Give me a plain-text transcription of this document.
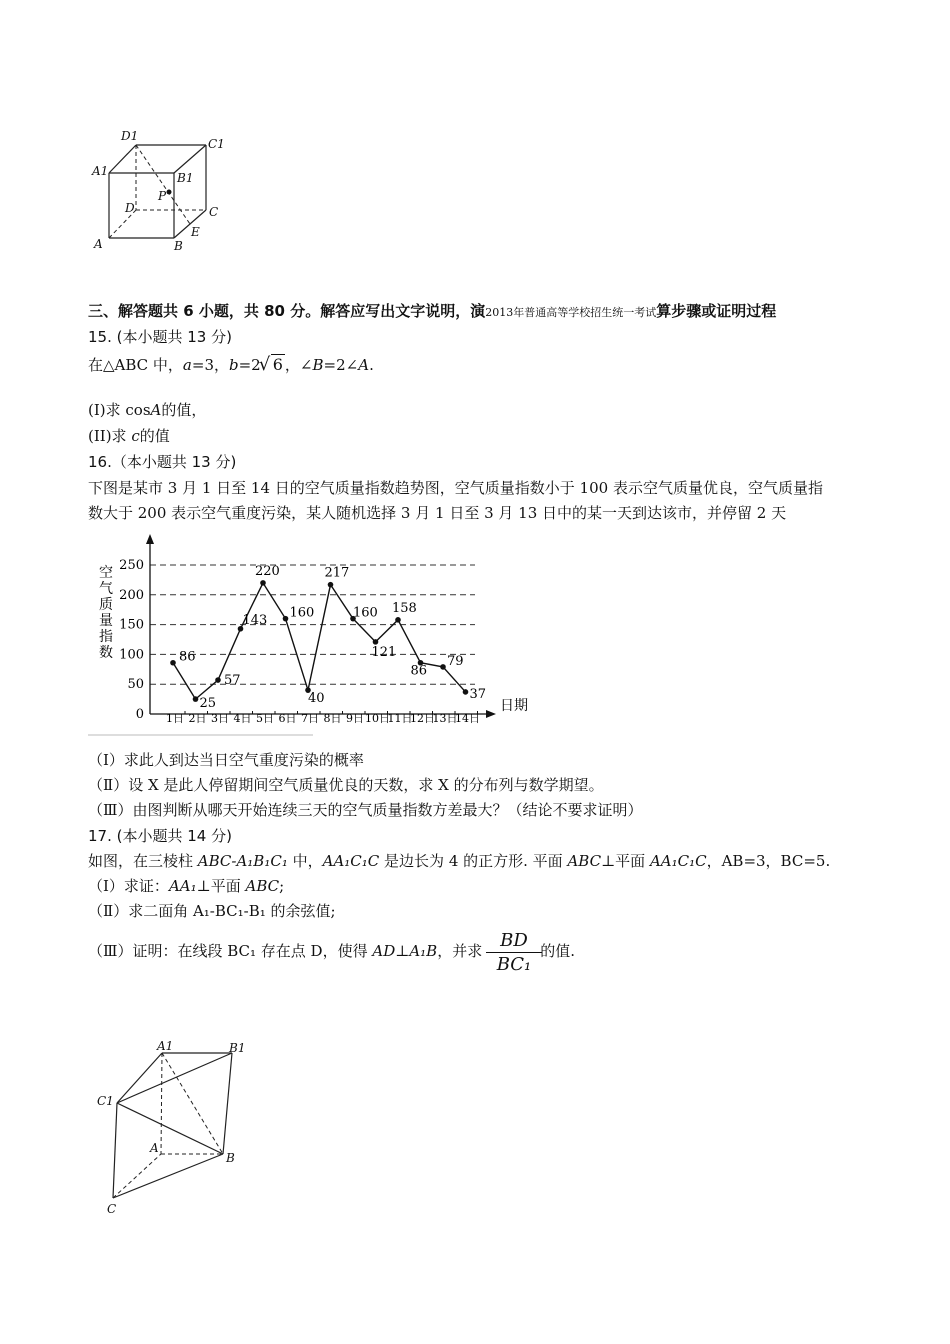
D1
C1
A1	B1
P
D	C
A	B
E
三、解答题共 6 小题，共 80 分。解答应写出文字说明，演2013年普通高等学校招生统一考试算步骤或证明过程
15. (本小题共 13 分)
在△ABC 中，a=3，b=2√ 6 ，∠B=2∠A.
(I)求 cosA的值，
(II)求 c的值
16.（本小题共 13 分)
下图是某市 3 月 1 日至 14 日的空气质量指数趋势图，空气质量指数小于 100 表示空气质量优良，空气质量指
数大于 200 表示空气重度污染，某人随机选择 3 月 1 日至 3 月 13 日中的某一天到达该市，并停留 2 天
0
50
100
150
200
250
空
气
质
量
指
数
1日 2日 3日 4日 5日 6日 7日 8日 9日 10日
11日
12日
13日
14日
日期
86
25
57
143
220
160
40
217
160
121
158
86
79
37
（Ⅰ）求此人到达当日空气重度污染的概率
（Ⅱ）设 X 是此人停留期间空气质量优良的天数，求 X 的分布列与数学期望。
（Ⅲ）由图判断从哪天开始连续三天的空气质量指数方差最大？（结论不要求证明）
17. (本小题共 14 分)
如图，在三棱柱 ABC-A₁B₁C₁ 中，AA₁C₁C 是边长为 4 的正方形. 平面 ABC⊥平面 AA₁C₁C，AB=3，BC=5.
（Ⅰ）求证：AA₁⊥平面 ABC;
（Ⅱ）求二面角 A₁-BC₁-B₁ 的余弦值;
（Ⅲ）证明：在线段 BC₁ 存在点 D，使得 AD⊥A₁B，并求	的值.
$\frac{BD}{\text{BC₁}}$
A1	B1
C1
A
B
C
